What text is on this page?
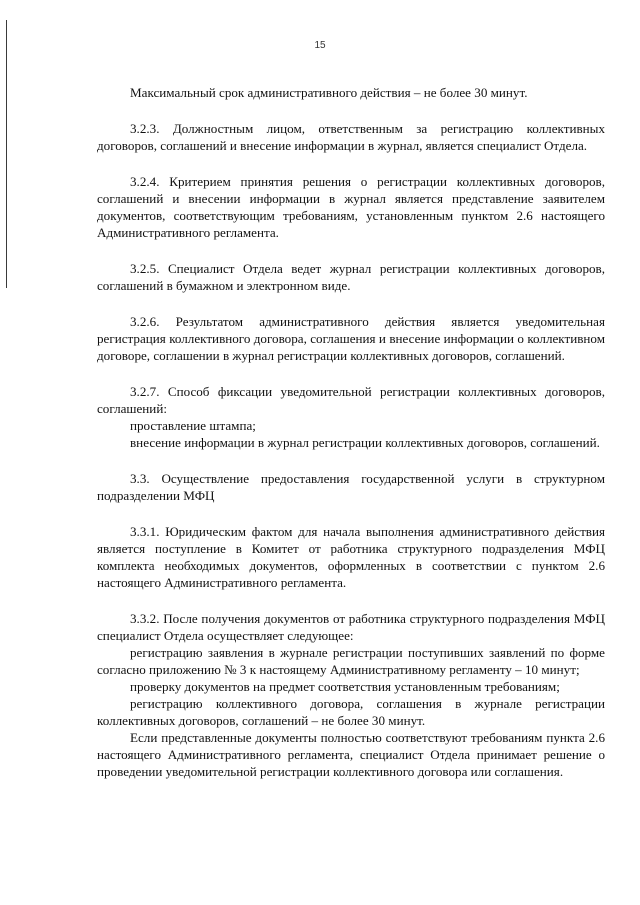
15

Максимальный срок административного действия – не более 30 минут.

3.2.3. Должностным лицом, ответственным за регистрацию коллективных договоров, соглашений и внесение информации в журнал, является специалист Отдела.

3.2.4. Критерием принятия решения о регистрации коллективных договоров, соглашений и внесении информации в журнал является представление заявителем документов, соответствующим требованиям, установленным пунктом 2.6 настоящего Административного регламента.

3.2.5. Специалист Отдела ведет журнал регистрации коллективных договоров, соглашений в бумажном и электронном виде.

3.2.6. Результатом административного действия является уведомительная регистрация коллективного договора, соглашения и внесение информации о коллективном договоре, соглашении в журнал регистрации коллективных договоров, соглашений.

3.2.7. Способ фиксации уведомительной регистрации коллективных договоров, соглашений:

проставление штампа;

внесение информации в журнал регистрации коллективных договоров, соглашений.

3.3. Осуществление предоставления государственной услуги в структурном подразделении МФЦ

3.3.1. Юридическим фактом для начала выполнения административного действия является поступление в Комитет от работника структурного подразделения МФЦ комплекта необходимых документов, оформленных в соответствии с пунктом 2.6 настоящего Административного регламента.

3.3.2. После получения документов от работника структурного подразделения МФЦ специалист Отдела осуществляет следующее:

регистрацию заявления в журнале регистрации поступивших заявлений по форме согласно приложению № 3 к настоящему Административному регламенту – 10 минут;

проверку документов на предмет соответствия установленным требованиям;

регистрацию коллективного договора, соглашения в журнале регистрации коллективных договоров, соглашений – не более 30 минут.

Если представленные документы полностью соответствуют требованиям пункта 2.6 настоящего Административного регламента, специалист Отдела принимает решение о проведении уведомительной регистрации коллективного договора или соглашения.
